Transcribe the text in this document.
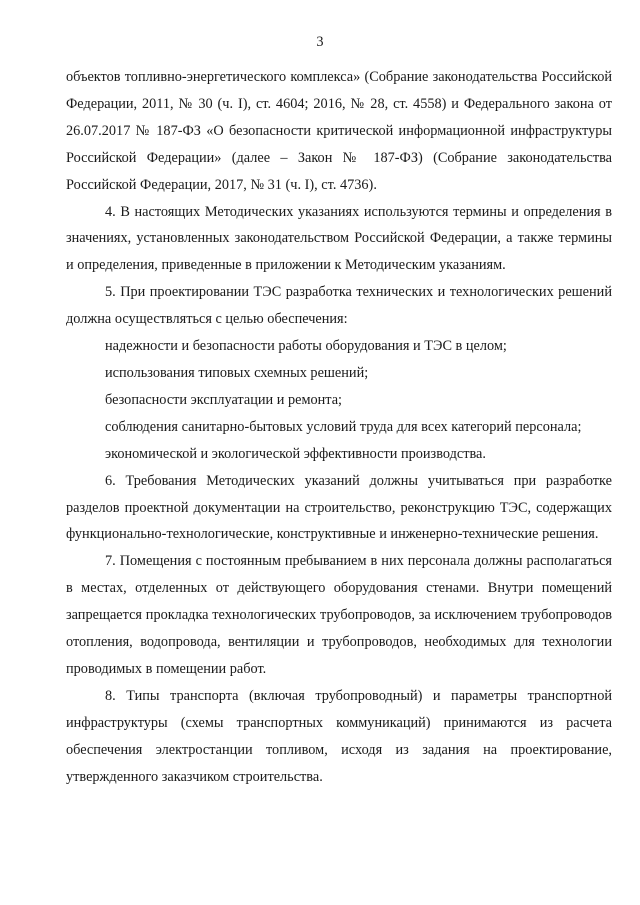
3

объектов топливно-энергетического комплекса» (Собрание законодательства Российской Федерации, 2011, № 30 (ч. I), ст. 4604; 2016, № 28, ст. 4558) и Федерального закона от 26.07.2017 № 187-ФЗ «О безопасности критической информационной инфраструктуры Российской Федерации» (далее – Закон № 187-ФЗ) (Собрание законодательства Российской Федерации, 2017, № 31 (ч. I), ст. 4736).

4. В настоящих Методических указаниях используются термины и определения в значениях, установленных законодательством Российской Федерации, а также термины и определения, приведенные в приложении к Методическим указаниям.

5. При проектировании ТЭС разработка технических и технологических решений должна осуществляться с целью обеспечения:

надежности и безопасности работы оборудования и ТЭС в целом;

использования типовых схемных решений;

безопасности эксплуатации и ремонта;

соблюдения санитарно-бытовых условий труда для всех категорий персонала;

экономической и экологической эффективности производства.

6. Требования Методических указаний должны учитываться при разработке разделов проектной документации на строительство, реконструкцию ТЭС, содержащих функционально-технологические, конструктивные и инженерно-технические решения.

7. Помещения с постоянным пребыванием в них персонала должны располагаться в местах, отделенных от действующего оборудования стенами. Внутри помещений запрещается прокладка технологических трубопроводов, за исключением трубопроводов отопления, водопровода, вентиляции и трубопроводов, необходимых для технологии проводимых в помещении работ.

8. Типы транспорта (включая трубопроводный) и параметры транспортной инфраструктуры (схемы транспортных коммуникаций) принимаются из расчета обеспечения электростанции топливом, исходя из задания на проектирование, утвержденного заказчиком строительства.
